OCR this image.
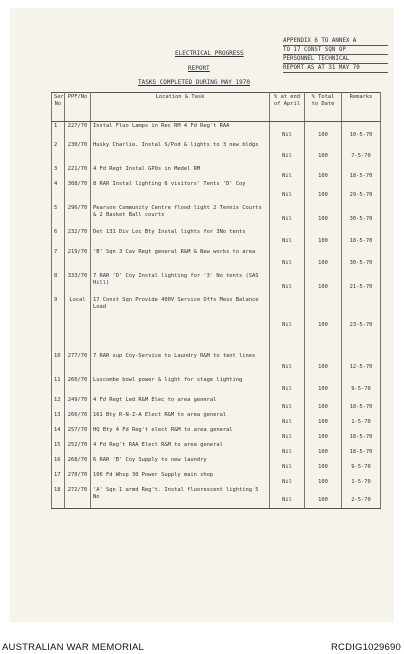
ELECTRICAL PROGRESS
REPORT
TASKS COMPLETED DURING MAY 1970
APPENDIX 6 TO ANNEX A
TO 17 CONST SQN OP
PERSONNEL TECHNICAL
REPORT AS AT 31 MAY 70
Ser No	PPF/No	Location & Task	% at end of April	% Total to Date	Remarks

1	227/70	Instal Fluo Lamps in Rec RM 4 Fd Reg't RAA	Nil	100	10-5-70

2	230/70	Husky Charlie. Instal S/Pod & lights to 3 new bldgs	Nil	100	7-5-70

3	221/70	4 Fd Regt Instal GPOs in Medel RM	Nil	100	18-5-70

4	308/70	8 RAR Instal lighting 6 visitors' Tents 'D' Coy	Nil	100	29-5-70

5	296/70	Pearson Community Centre flood light 2 Tennis Courts & 2 Basket Ball courts	Nil	100	30-5-70

6	232/70	Det 131 Div Loc Bty Instal lights for 3No tents	Nil	100	18-5-70

7	219/70	'B' Sqn 3 Cav Regt general R&M & New works to area	Nil	100	30-5-70

8	333/70	7 RAR 'D' Coy Instal lighting for '3' No tents (SAS Hill)	Nil	100	21-5-70

9	Local	17 Const Sqn Provide 400V Service Offs Mess Balance Load	Nil	100	23-5-70

10	277/70	7 RAR sup Coy-Service to Laundry R&M to tent lines	Nil	100	12-5-70

11	260/70	Luscombe bowl power & light for stage lighting	Nil	100	9-5-70

12	249/70	4 Fd Regt Led R&M Elec to area general	Nil	100	18-5-70

13	266/70	161 Bty R-N-Z-A Elect R&M to area general	Nil	100	1-5-70

14	257/70	HQ Bty 4 Fd Reg't elect R&M to area general	Nil	100	18-5-70

15	252/70	4 Fd Reg't RAA Elect R&M to area general	Nil	100	18-5-70

16	268/70	6 RAR 'B' Coy Supply to new laundry	Nil	100	9-5-70

17	270/70	106 Fd Whsp 30 Power Supply main shop	Nil	100	1-5-70

18	272/70	'A' Sqn 1 armd Reg't. Instal fluorescent lighting 5 No	Nil	100	2-5-70
AUSTRALIAN WAR MEMORIAL	RCDIG1029690
